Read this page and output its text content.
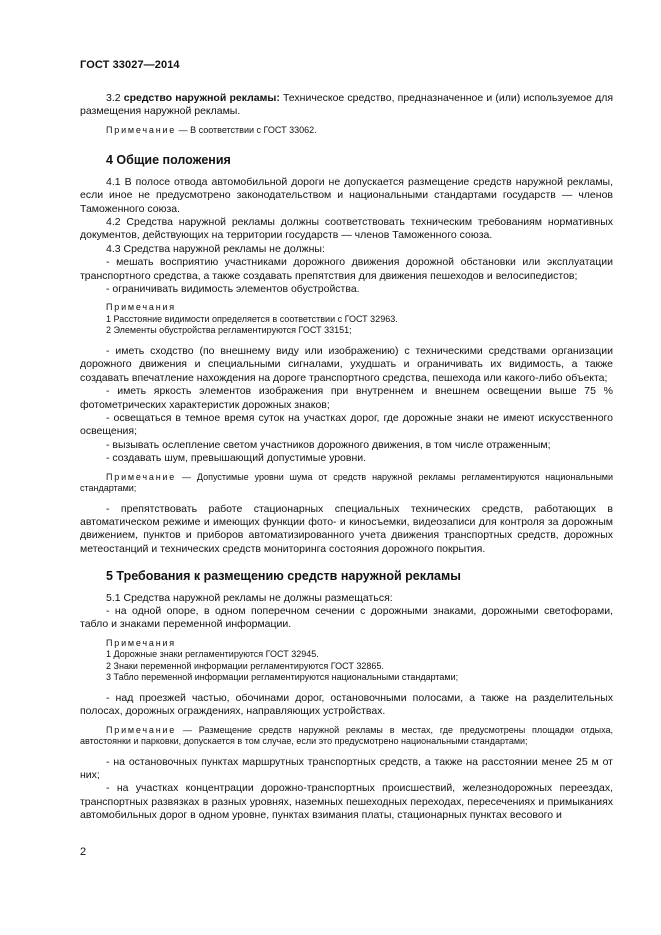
ГОСТ 33027—2014

3.2 средство наружной рекламы: Техническое средство, предназначенное и (или) используемое для размещения наружной рекламы.

Примечание — В соответствии с ГОСТ 33062.

4 Общие положения

4.1 В полосе отвода автомобильной дороги не допускается размещение средств наружной рекламы, если иное не предусмотрено законодательством и национальными стандартами государств — членов Таможенного союза.

4.2 Средства наружной рекламы должны соответствовать техническим требованиям нормативных документов, действующих на территории государств — членов Таможенного союза.

4.3 Средства наружной рекламы не должны:

- мешать восприятию участниками дорожного движения дорожной обстановки или эксплуатации транспортного средства, а также создавать препятствия для движения пешеходов и велосипедистов;

- ограничивать видимость элементов обустройства.

Примечания

1 Расстояние видимости определяется в соответствии с ГОСТ 32963.

2 Элементы обустройства регламентируются ГОСТ 33151;

- иметь сходство (по внешнему виду или изображению) с техническими средствами организации дорожного движения и специальными сигналами, ухудшать и ограничивать их видимость, а также создавать впечатление нахождения на дороге транспортного средства, пешехода или какого-либо объекта;

- иметь яркость элементов изображения при внутреннем и внешнем освещении выше 75 % фотометрических характеристик дорожных знаков;

- освещаться в темное время суток на участках дорог, где дорожные знаки не имеют искусственного освещения;

- вызывать ослепление светом участников дорожного движения, в том числе отраженным;

- создавать шум, превышающий допустимые уровни.

Примечание — Допустимые уровни шума от средств наружной рекламы регламентируются национальными стандартами;

- препятствовать работе стационарных специальных технических средств, работающих в автоматическом режиме и имеющих функции фото- и киносъемки, видеозаписи для контроля за дорожным движением, пунктов и приборов автоматизированного учета движения транспортных средств, дорожных метеостанций и технических средств мониторинга состояния дорожного покрытия.

5 Требования к размещению средств наружной рекламы

5.1 Средства наружной рекламы не должны размещаться:

- на одной опоре, в одном поперечном сечении с дорожными знаками, дорожными светофорами, табло и знаками переменной информации.

Примечания

1 Дорожные знаки регламентируются ГОСТ 32945.

2 Знаки переменной информации регламентируются ГОСТ 32865.

3 Табло переменной информации регламентируются национальными стандартами;

- над проезжей частью, обочинами дорог, остановочными полосами, а также на разделительных полосах, дорожных ограждениях, направляющих устройствах.

Примечание — Размещение средств наружной рекламы в местах, где предусмотрены площадки отдыха, автостоянки и парковки, допускается в том случае, если это предусмотрено национальными стандартами;

- на остановочных пунктах маршрутных транспортных средств, а также на расстоянии менее 25 м от них;

- на участках концентрации дорожно-транспортных происшествий, железнодорожных переездах, транспортных развязках в разных уровнях, наземных пешеходных переходах, пересечениях и примыканиях автомобильных дорог в одном уровне, пунктах взимания платы, стационарных пунктах весового и

2
